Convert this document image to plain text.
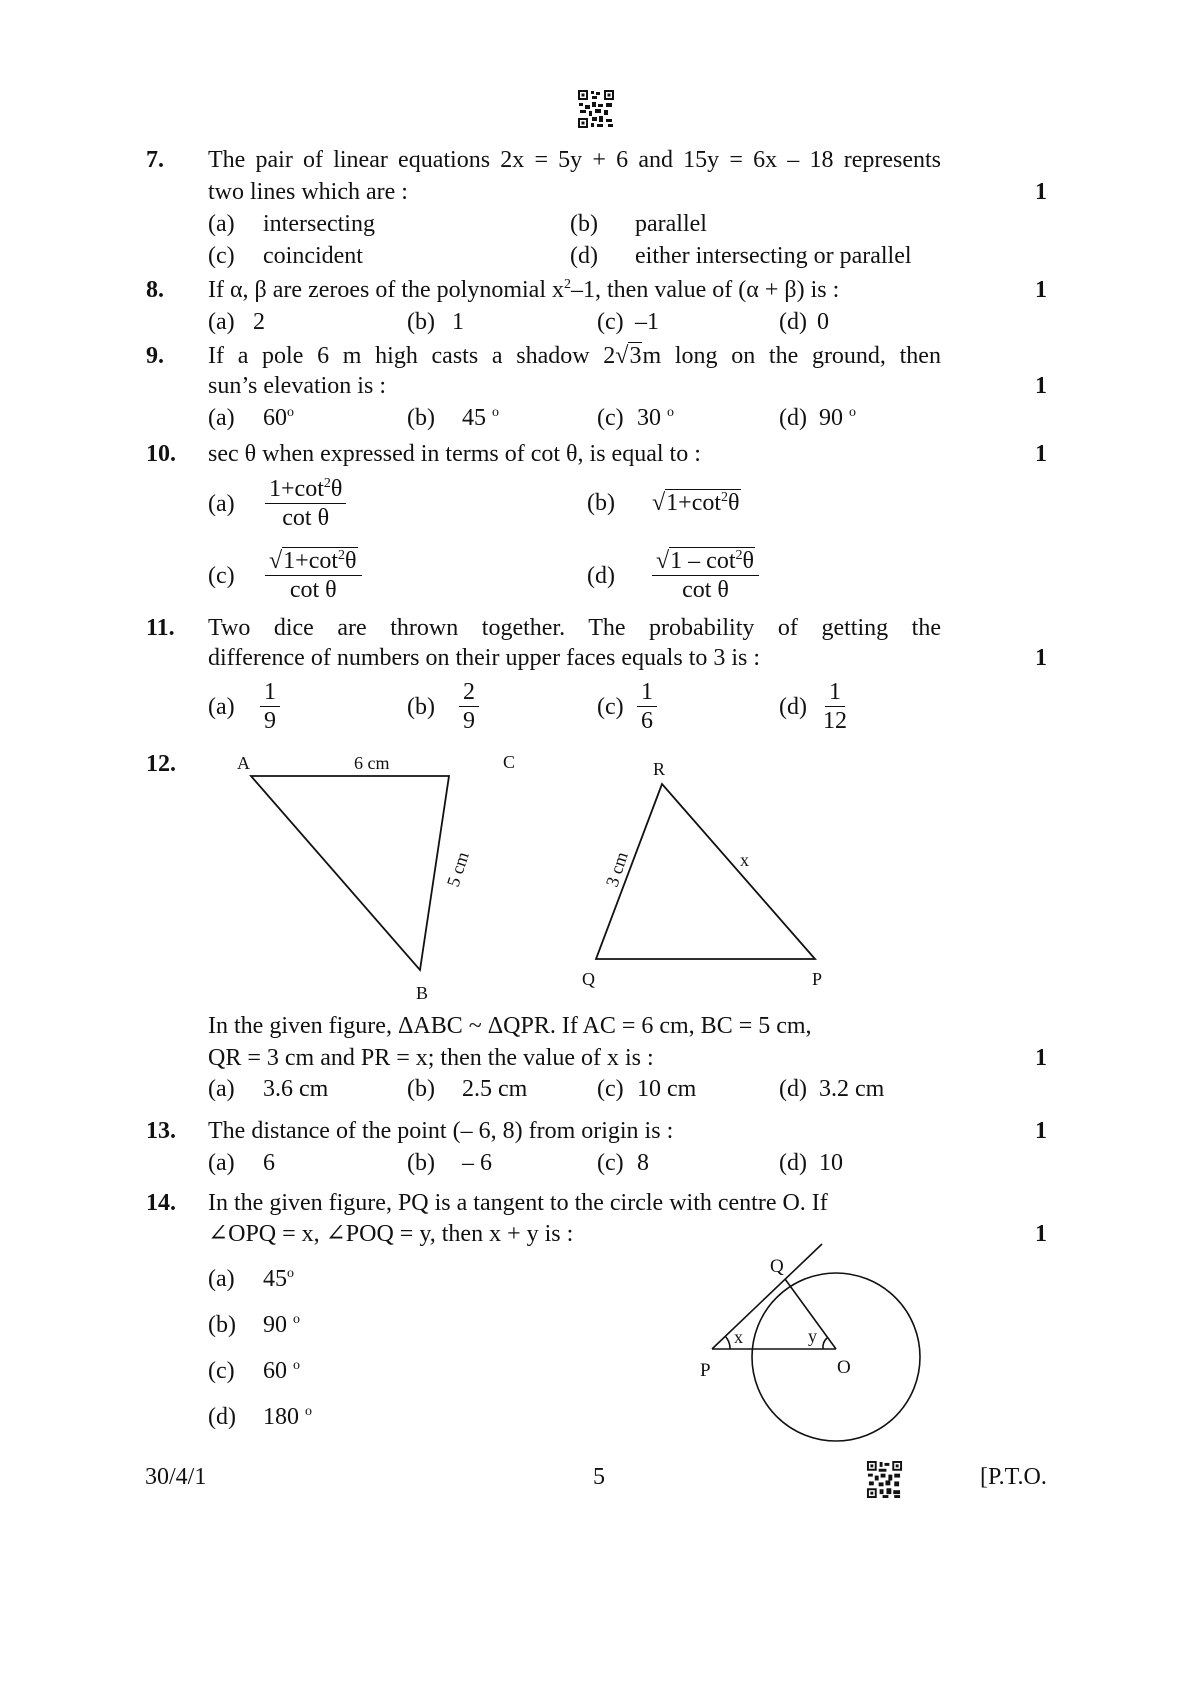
7. The pair of linear equations 2x = 5y + 6 and 15y = 6x – 18 represents
two lines which are :	1
(a) intersecting	(b) parallel
(c) coincident	(d) either intersecting or parallel
8. If α, β are zeroes of the polynomial $x^2-1$, then value of (α + β) is :	1
(a) 2	(b) 1	(c) –1	(d) 0
9. If a pole 6 m high casts a shadow 2√3m long on the ground, then
sun’s elevation is :	1
(a) 60$^o$	(b) 45 $^o$	(c) 30 $^o$	(d) 90 $^o$
10. sec θ when expressed in terms of cot θ, is equal to :	1
(a)	$\frac{1+\cot^2\theta}{\text{cot θ}}$	(b)	$√1+\cot^2\theta$
(c)	$\frac{√1+\cot^2\theta}{\text{cot θ}}$	(d)	$\frac{√1 - \cot^2\theta}{\text{cot θ}}$
11. Two dice are thrown together. The probability of getting the
difference of numbers on their upper faces equals to 3 is :	1
(a)	$\frac{1}{9}$	(b)	$\frac{2}{9}$	$(c) \frac{1}{6}$	$(d) \frac{1}{12}$
12.	A	6 cm	C
5 cm
B
R
x
3 cm
Q	P
In the given figure, ΔABC ~ ΔQPR. If AC = 6 cm, BC = 5 cm,
QR = 3 cm and PR = x; then the value of x is :	1
(a) 3.6 cm	(b) 2.5 cm	(c) 10 cm	(d) 3.2 cm
13. The distance of the point (– 6, 8) from origin is :	1
(a) 6	(b) – 6	(c) 8	(d) 10
14. In the given figure, PQ is a tangent to the circle with centre O. If
∠OPQ = x, ∠POQ = y, then x + y is :	1
(a) 45$^o$
(b) 90 $^o$
(c) 60 $^o$
(d) 180 $^o$
Q
P	O
x	y
30/4/1	5	[P.T.O.
